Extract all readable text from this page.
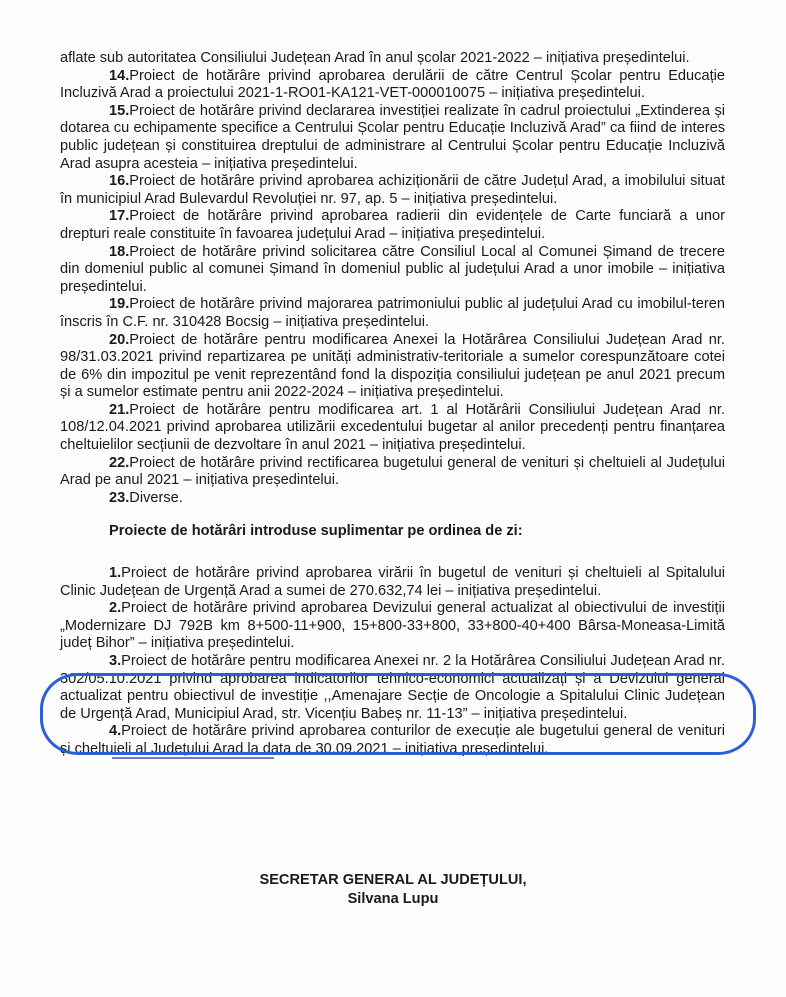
aflate sub autoritatea Consiliului Județean Arad în anul școlar 2021-2022 – inițiativa președintelui.

14.Proiect de hotărâre privind aprobarea derulării de către Centrul Școlar pentru Educație Incluzivă Arad a proiectului 2021-1-RO01-KA121-VET-000010075 – inițiativa președintelui.

15.Proiect de hotărâre privind declararea investiției realizate în cadrul proiectului „Extinderea și dotarea cu echipamente specifice a Centrului Școlar pentru Educație Incluzivă Arad” ca fiind de interes public județean și constituirea dreptului de administrare al Centrului Școlar pentru Educație Incluzivă Arad asupra acesteia – inițiativa președintelui.

16.Proiect de hotărâre privind aprobarea achiziționării de către Județul Arad, a imobilului situat în municipiul Arad Bulevardul Revoluției nr. 97, ap. 5 – inițiativa președintelui.

17.Proiect de hotărâre privind aprobarea radierii din evidențele de Carte funciară a unor drepturi reale constituite în favoarea județului Arad – inițiativa președintelui.

18.Proiect de hotărâre privind solicitarea către Consiliul Local al Comunei Șimand de trecere din domeniul public al comunei Șimand în domeniul public al județului Arad a unor imobile – inițiativa președintelui.

19.Proiect de hotărâre privind majorarea patrimoniului public al județului Arad cu imobilul-teren înscris în C.F. nr. 310428 Bocsig – inițiativa președintelui.

20.Proiect de hotărâre pentru modificarea Anexei la Hotărârea Consiliului Județean Arad nr. 98/31.03.2021 privind repartizarea pe unități administrativ-teritoriale a sumelor corespunzătoare cotei de 6% din impozitul pe venit reprezentând fond la dispoziția consiliului județean pe anul 2021 precum și a sumelor estimate pentru anii 2022-2024 – inițiativa președintelui.

21.Proiect de hotărâre pentru modificarea art. 1 al Hotărârii Consiliului Județean Arad nr. 108/12.04.2021 privind aprobarea utilizării excedentului bugetar al anilor precedenți pentru finanțarea cheltuielilor secțiunii de dezvoltare în anul 2021 – inițiativa președintelui.

22.Proiect de hotărâre privind rectificarea bugetului general de venituri și cheltuieli al Județului Arad pe anul 2021 – inițiativa președintelui.

23.Diverse.

Proiecte de hotărâri introduse suplimentar pe ordinea de zi:

1.Proiect de hotărâre privind aprobarea virării în bugetul de venituri și cheltuieli al Spitalului Clinic Județean de Urgență Arad a sumei de 270.632,74 lei – inițiativa președintelui.

2.Proiect de hotărâre privind aprobarea Devizului general actualizat al obiectivului de investiții „Modernizare DJ 792B km 8+500-11+900, 15+800-33+800, 33+800-40+400 Bârsa-Moneasa-Limită județ Bihor” – inițiativa președintelui.

3.Proiect de hotărâre pentru modificarea Anexei nr. 2 la Hotărârea Consiliului Județean Arad nr. 302/05.10.2021 privind aprobarea indicatorilor tehnico-economici actualizați și a Devizului general actualizat pentru obiectivul de investiție ,,Amenajare Secție de Oncologie a Spitalului Clinic Județean de Urgență Arad, Municipiul Arad, str. Vicențiu Babeș nr. 11-13” – inițiativa președintelui.

4.Proiect de hotărâre privind aprobarea conturilor de execuție ale bugetului general de venituri și cheltuieli al Județului Arad la data de 30.09.2021 – inițiativa președintelui.

SECRETAR GENERAL AL JUDEȚULUI,
Silvana Lupu
